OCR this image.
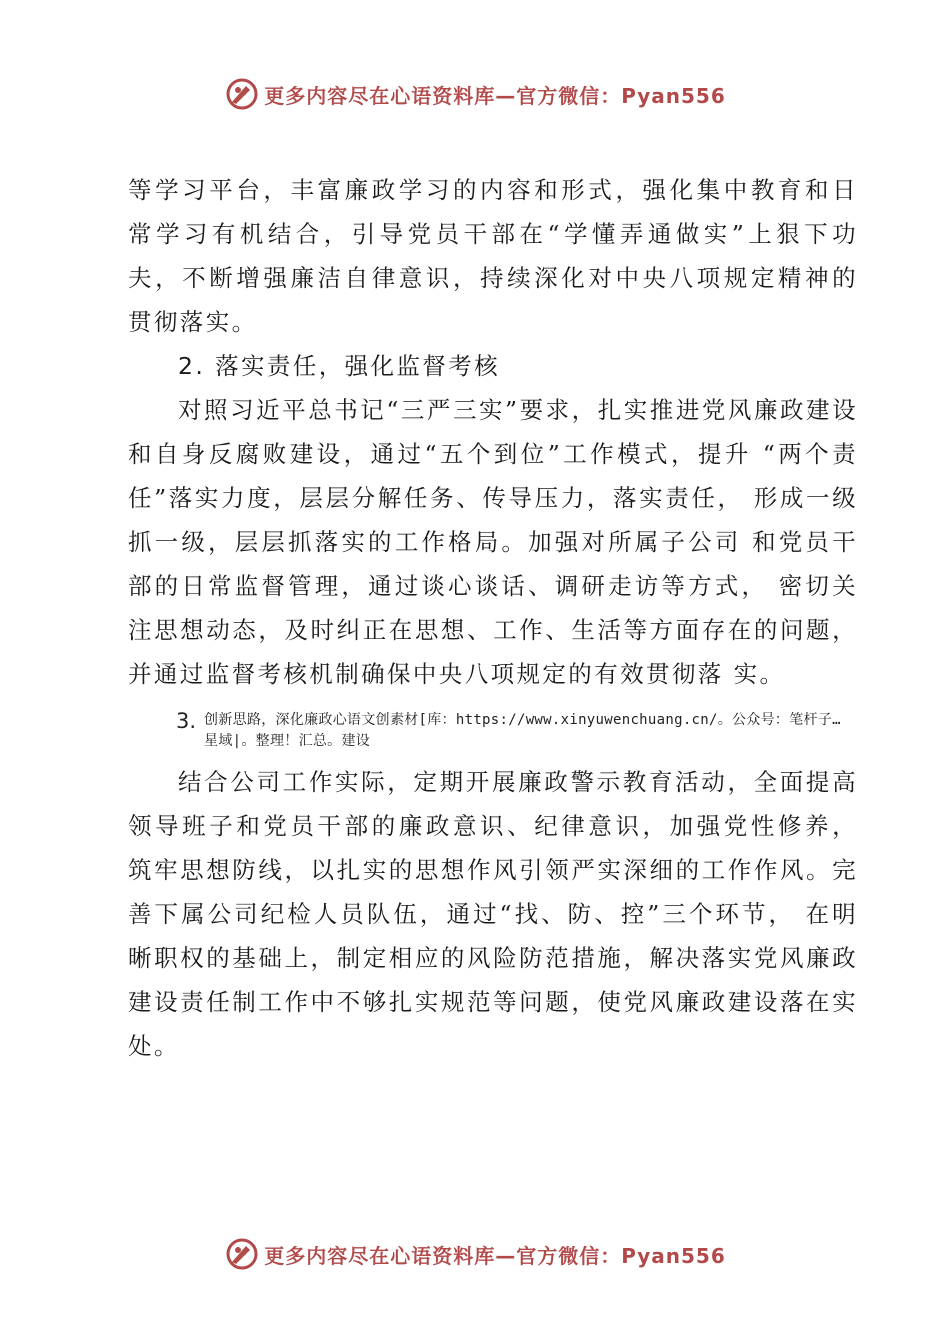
更多内容尽在心语资料库—官方微信：Pyan556

等学习平台，丰富廉政学习的内容和形式，强化集中教育和日 常学习有机结合，引导党员干部在“学懂弄通做实”上狠下功 夫，不断增强廉洁自律意识，持续深化对中央八项规定精神的 贯彻落实。

2. 落实责任，强化监督考核

对照习近平总书记“三严三实”要求，扎实推进党风廉政建设和自身反腐败建设，通过“五个到位”工作模式，提升 “两个责任”落实力度，层层分解任务、传导压力，落实责任， 形成一级抓一级，层层抓落实的工作格局。加强对所属子公司 和党员干部的日常监督管理，通过谈心谈话、调研走访等方式， 密切关注思想动态，及时纠正在思想、工作、生活等方面存在的问题，并通过监督考核机制确保中央八项规定的有效贯彻落 实。

3. 创新思路，深化廉政心语文创素材[库：https://www.xinyuwenchuang.cn/。公众号：笔杆子…星域|。整理！汇总。建设

结合公司工作实际，定期开展廉政警示教育活动，全面提高领导班子和党员干部的廉政意识、纪律意识，加强党性修养， 筑牢思想防线，以扎实的思想作风引领严实深细的工作作风。完善下属公司纪检人员队伍，通过“找、防、控”三个环节， 在明晰职权的基础上，制定相应的风险防范措施，解决落实党风廉政建设责任制工作中不够扎实规范等问题，使党风廉政建设落在实处。

更多内容尽在心语资料库—官方微信：Pyan556
